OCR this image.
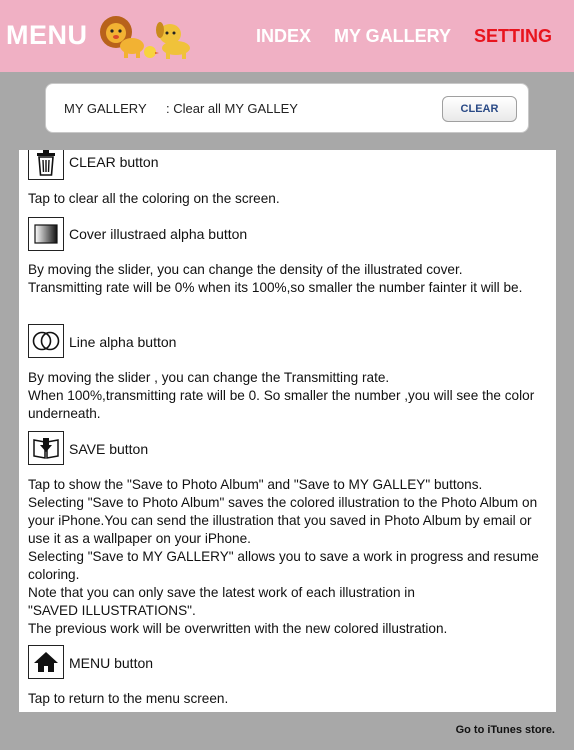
MENU	INDEX MY GALLERY SETTING
MY GALLERY : Clear all MY GALLEY	CLEAR
CLEAR button
Tap to clear all the coloring on the screen.
Cover illustraed alpha button
By moving the slider, you can change the density of the illustrated cover.
Transmitting rate will be 0% when its 100%,so smaller the number fainter it will be.
Line alpha button
By moving the slider , you can change the Transmitting rate.
When 100%,transmitting rate will be 0. So smaller the number ,you will see the color underneath.
SAVE button
Tap to show the "Save to Photo Album" and "Save to MY GALLEY" buttons.
Selecting "Save to Photo Album" saves the colored illustration to the Photo Album on your iPhone.You can send the illustration that you saved in Photo Album by email or use it as a wallpaper on your iPhone.
Selecting "Save to MY GALLERY" allows you to save a work in progress and resume coloring.
Note that you can only save the latest work of each illustration in
"SAVED ILLUSTRATIONS".
The previous work will be overwritten with the new colored illustration.
MENU button
Tap to return to the menu screen.
Go to iTunes store.
